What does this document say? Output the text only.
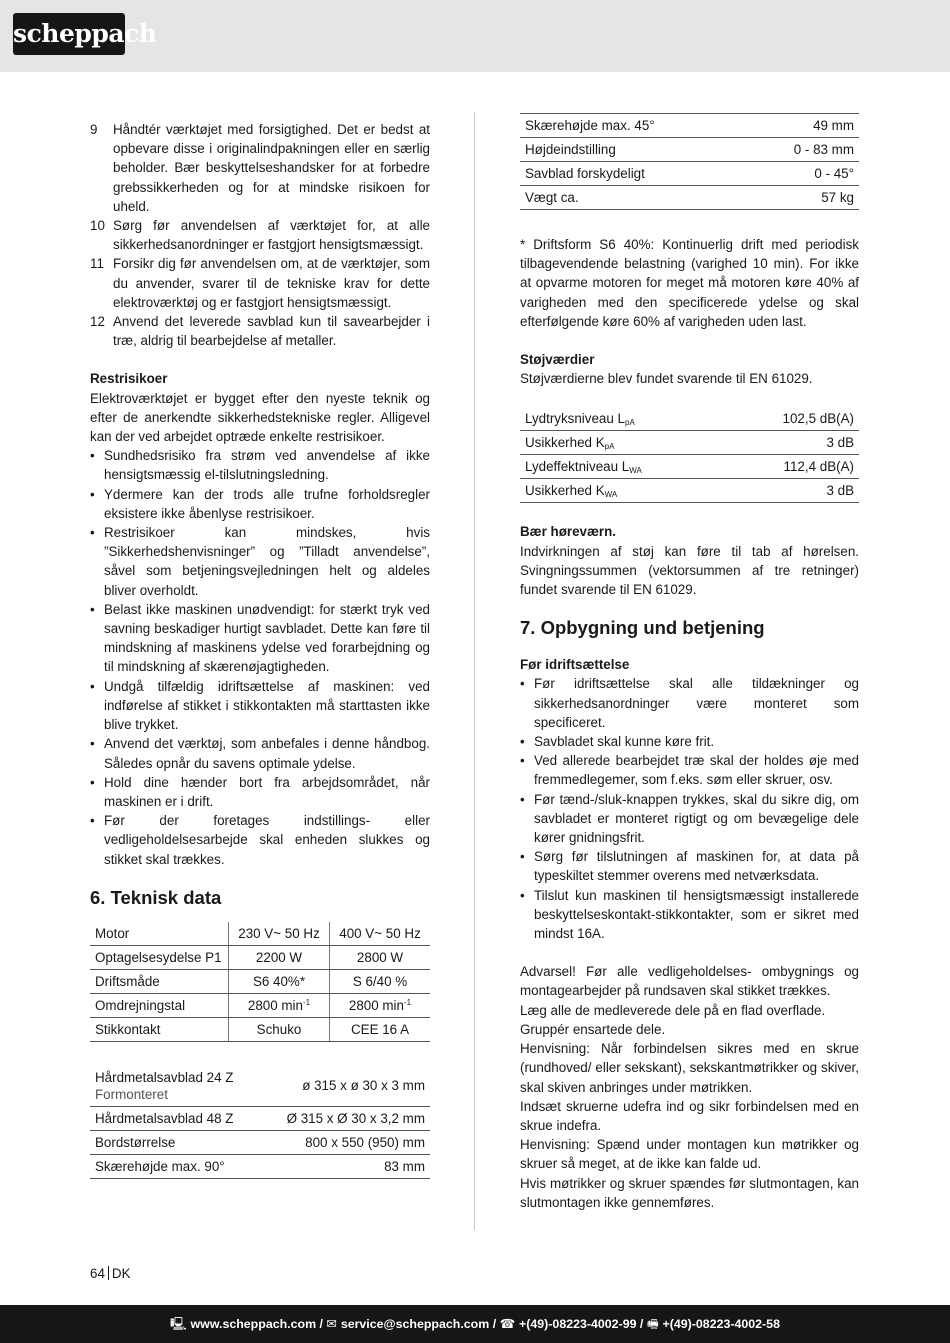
scheppach
9 Håndtér værktøjet med forsigtighed. Det er bedst at opbevare disse i originalindpakningen eller en særlig beholder. Bær beskyttelseshandsker for at forbedre grebssikkerheden og for at mindske risikoen for uheld.
10 Sørg før anvendelsen af værktøjet for, at alle sikkerhedsanordninger er fastgjort hensigtsmæssigt.
11 Forsikr dig før anvendelsen om, at de værktøjer, som du anvender, svarer til de tekniske krav for dette elektroværktøj og er fastgjort hensigtsmæssigt.
12 Anvend det leverede savblad kun til savearbejder i træ, aldrig til bearbejdelse af metaller.

Restrisikoer

Elektroværktøjet er bygget efter den nyeste teknik og efter de anerkendte sikkerhedstekniske regler. Alligevel kan der ved arbejdet optræde enkelte restrisikoer.

• Sundhedsrisiko fra strøm ved anvendelse af ikke hensigtsmæssig el-tilslutningsledning.
• Ydermere kan der trods alle trufne forholdsregler eksistere ikke åbenlyse restrisikoer.
• Restrisikoer kan mindskes, hvis ”Sikkerhedshenvisninger” og ”Tilladt anvendelse”, såvel som betjeningsvejledningen helt og aldeles bliver overholdt.
• Belast ikke maskinen unødvendigt: for stærkt tryk ved savning beskadiger hurtigt savbladet. Dette kan føre til mindskning af maskinens ydelse ved forarbejdning og til mindskning af skærenøjagtigheden.
• Undgå tilfældig idriftsættelse af maskinen: ved indførelse af stikket i stikkontakten må starttasten ikke blive trykket.
• Anvend det værktøj, som anbefales i denne håndbog. Således opnår du savens optimale ydelse.
• Hold dine hænder bort fra arbejdsområdet, når maskinen er i drift.
• Før der foretages indstillings- eller vedligeholdelsesarbejde skal enheden slukkes og stikket skal trækkes.
6. Teknisk data
Motor	230 V~ 50 Hz	400 V~ 50 Hz
Optagelsesydelse P1	2200 W	2800 W
Driftsmåde	S6 40%*	S 6/40 %
Omdrejningstal	2800 $\min^{-1}$	2800 $\min^{-1}$
Stikkontakt	Schuko	CEE 16 A
Hårdmetalsavblad 24 Z
Formonteret	ø 315 x ø 30 x 3 mm
Hårdmetalsavblad 48 Z	Ø 315 x Ø 30 x 3,2 mm
Bordstørrelse	800 x 550 (950) mm
Skærehøjde max. 90°	83 mm
Skærehøjde max. 45°	49 mm
Højdeindstilling	0 - 83 mm
Savblad forskydeligt	0 - 45°
Vægt ca.	57 kg

* Driftsform S6 40%: Kontinuerlig drift med periodisk tilbagevendende belastning (varighed 10 min). For ikke at opvarme motoren for meget må motoren køre 40% af varigheden med den specificerede ydelse og skal efterfølgende køre 60% af varigheden uden last.

Støjværdier

Støjværdierne blev fundet svarende til EN 61029.

Lydtryksniveau $L_{pA}$	102,5 dB(A)
Usikkerhed $K_{pA}$	3 dB
Lydeffektniveau $L_{WA}$	112,4 dB(A)
Usikkerhed $K_{WA}$	3 dB

Bær høreværn.

Indvirkningen af støj kan føre til tab af hørelsen. Svingningssummen (vektorsummen af tre retninger) fundet svarende til EN 61029.

7. Opbygning und betjening

Før idriftsættelse

• Før idriftsættelse skal alle tildækninger og sikkerhedsanordninger være monteret som specificeret.
• Savbladet skal kunne køre frit.
• Ved allerede bearbejdet træ skal der holdes øje med fremmedlegemer, som f.eks. søm eller skruer, osv.
• Før tænd-/sluk-knappen trykkes, skal du sikre dig, om savbladet er monteret rigtigt og om bevægelige dele kører gnidningsfrit.
• Sørg før tilslutningen af maskinen for, at data på typeskiltet stemmer overens med netværksdata.
• Tilslut kun maskinen til hensigtsmæssigt installerede beskyttelseskontakt-stikkontakter, som er sikret med mindst 16A.

Advarsel! Før alle vedligeholdelses- ombygnings og montagearbejder på rundsaven skal stikket trækkes.

Læg alle de medleverede dele på en flad overflade.

Gruppér ensartede dele.

Henvisning: Når forbindelsen sikres med en skrue (rundhoved/ eller sekskant), sekskantmøtrikker og skiver, skal skiven anbringes under møtrikken.

Indsæt skruerne udefra ind og sikr forbindelsen med en skrue indefra.

Henvisning: Spænd under montagen kun møtrikker og skruer så meget, at de ikke kan falde ud.

Hvis møtrikker og skruer spændes før slutmontagen, kan slutmontagen ikke gennemføres.

64 DK
🖳 www.scheppach.com / ✉ service@scheppach.com / ☎ +(49)-08223-4002-99 / 🖷 +(49)-08223-4002-58
